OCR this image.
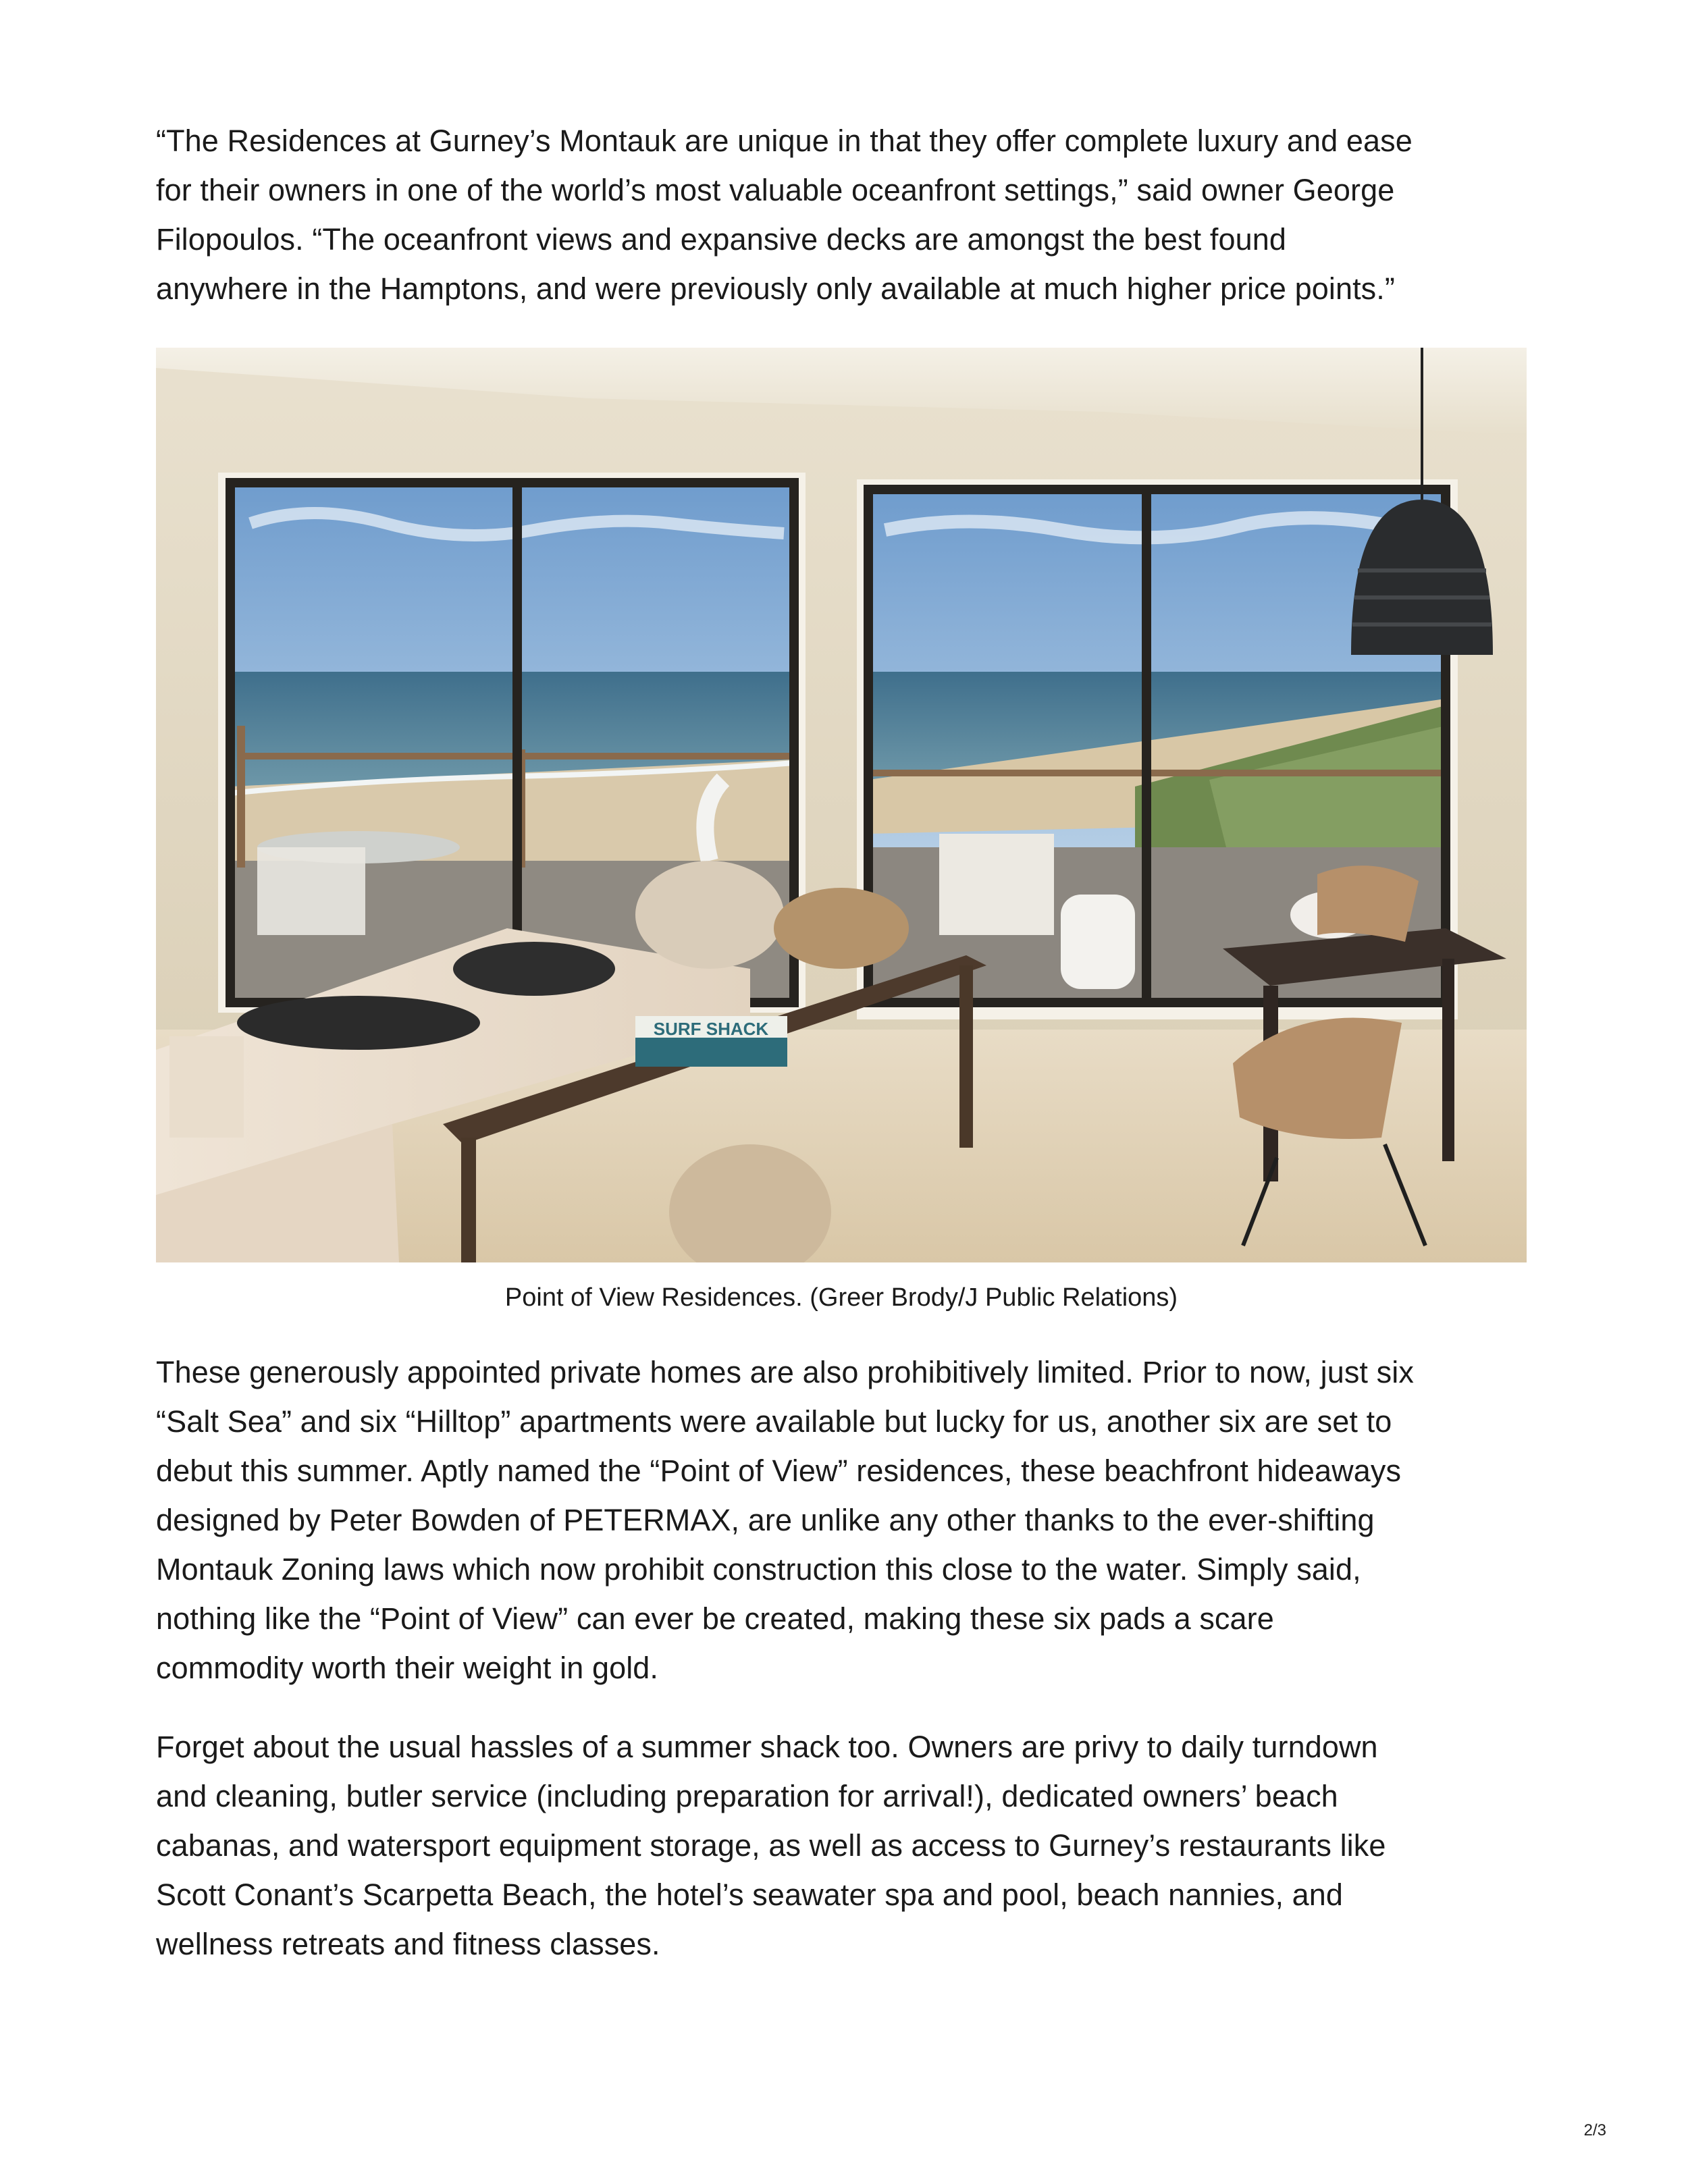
“The Residences at Gurney’s Montauk are unique in that they offer complete luxury and ease
for their owners in one of the world’s most valuable oceanfront settings,” said owner George
Filopoulos. “The oceanfront views and expansive decks are amongst the best found
anywhere in the Hamptons, and were previously only available at much higher price points.”

SURF SHACK

Point of View Residences. (Greer Brody/J Public Relations)

These generously appointed private homes are also prohibitively limited. Prior to now, just six
“Salt Sea” and six “Hilltop” apartments were available but lucky for us, another six are set to
debut this summer. Aptly named the “Point of View” residences, these beachfront hideaways
designed by Peter Bowden of PETERMAX, are unlike any other thanks to the ever-shifting
Montauk Zoning laws which now prohibit construction this close to the water. Simply said,
nothing like the “Point of View” can ever be created, making these six pads a scare
commodity worth their weight in gold.

Forget about the usual hassles of a summer shack too. Owners are privy to daily turndown
and cleaning, butler service (including preparation for arrival!), dedicated owners’ beach
cabanas, and watersport equipment storage, as well as access to Gurney’s restaurants like
Scott Conant’s Scarpetta Beach, the hotel’s seawater spa and pool, beach nannies, and
wellness retreats and fitness classes.

2/3
